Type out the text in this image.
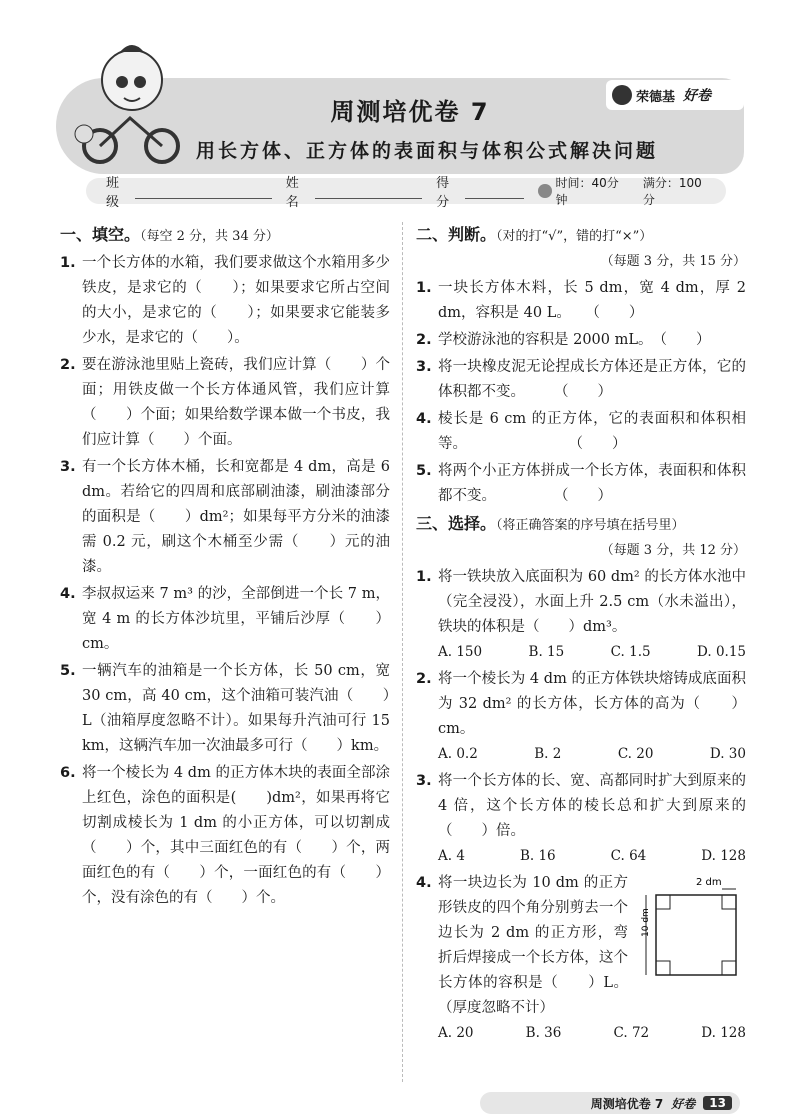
周测培优卷 7
用长方体、正方体的表面积与体积公式解决问题
荣德基 好卷
班级
姓名
得分
时间：40分钟
满分：100分
一、填空。（每空 2 分，共 34 分）
1. 一个长方体的水箱，我们要求做这个水箱用多少铁皮，是求它的（　　）；如果要求它所占空间的大小，是求它的（　　）；如果要求它能装多少水，是求它的（　　）。
2. 要在游泳池里贴上瓷砖，我们应计算（　　）个面；用铁皮做一个长方体通风管，我们应计算（　　）个面；如果给数学课本做一个书皮，我们应计算（　　）个面。
3. 有一个长方体木桶，长和宽都是 4 dm，高是 6 dm。若给它的四周和底部刷油漆，刷油漆部分的面积是（　　）dm²；如果每平方分米的油漆需 0.2 元，刷这个木桶至少需（　　）元的油漆。
4. 李叔叔运来 7 m³ 的沙，全部倒进一个长 7 m，宽 4 m 的长方体沙坑里，平铺后沙厚（　　）cm。
5. 一辆汽车的油箱是一个长方体，长 50 cm，宽 30 cm，高 40 cm，这个油箱可装汽油（　　）L（油箱厚度忽略不计）。如果每升汽油可行 15 km，这辆汽车加一次油最多可行（　　）km。
6. 将一个棱长为 4 dm 的正方体木块的表面全部涂上红色，涂色的面积是(　　)dm²，如果再将它切割成棱长为 1 dm 的小正方体，可以切割成（　　）个，其中三面红色的有（　　）个，两面红色的有（　　）个，一面红色的有（　　）个，没有涂色的有（　　）个。
二、判断。（对的打“√”，错的打“×”）
（每题 3 分，共 15 分）
1. 一块长方体木料，长 5 dm，宽 4 dm，厚 2 dm，容积是 40 L。　　（　　）
2. 学校游泳池的容积是 2000 mL。　（　　）
3. 将一块橡皮泥无论捏成长方体还是正方体，它的体积都不变。　　　（　　）
4. 棱长是 6 cm 的正方体，它的表面积和体积相等。　　　　　　　　（　　）
5. 将两个小正方体拼成一个长方体，表面积和体积都不变。　　　　　（　　）
三、选择。（将正确答案的序号填在括号里）
（每题 3 分，共 12 分）
1. 将一铁块放入底面积为 60 dm² 的长方体水池中（完全浸没），水面上升 2.5 cm（水未溢出），铁块的体积是（　　）dm³。
A. 150	B. 15	C. 1.5	D. 0.15
2. 将一个棱长为 4 dm 的正方体铁块熔铸成底面积为 32 dm² 的长方体，长方体的高为（　　）cm。
A. 0.2	B. 2	C. 20	D. 30
3. 将一个长方体的长、宽、高都同时扩大到原来的 4 倍，这个长方体的棱长总和扩大到原来的（　　）倍。
A. 4	B. 16	C. 64	D. 128
4. 将一块边长为 10 dm 的正方形铁皮的四个角分别剪去一个边长为 2 dm 的正方形，弯折后焊接成一个长方体，这个长方体的容积是（　　）L。（厚度忽略不计）
2 dm
10 dm
A. 20	B. 36	C. 72	D. 128
周测培优卷 7 好卷	13
